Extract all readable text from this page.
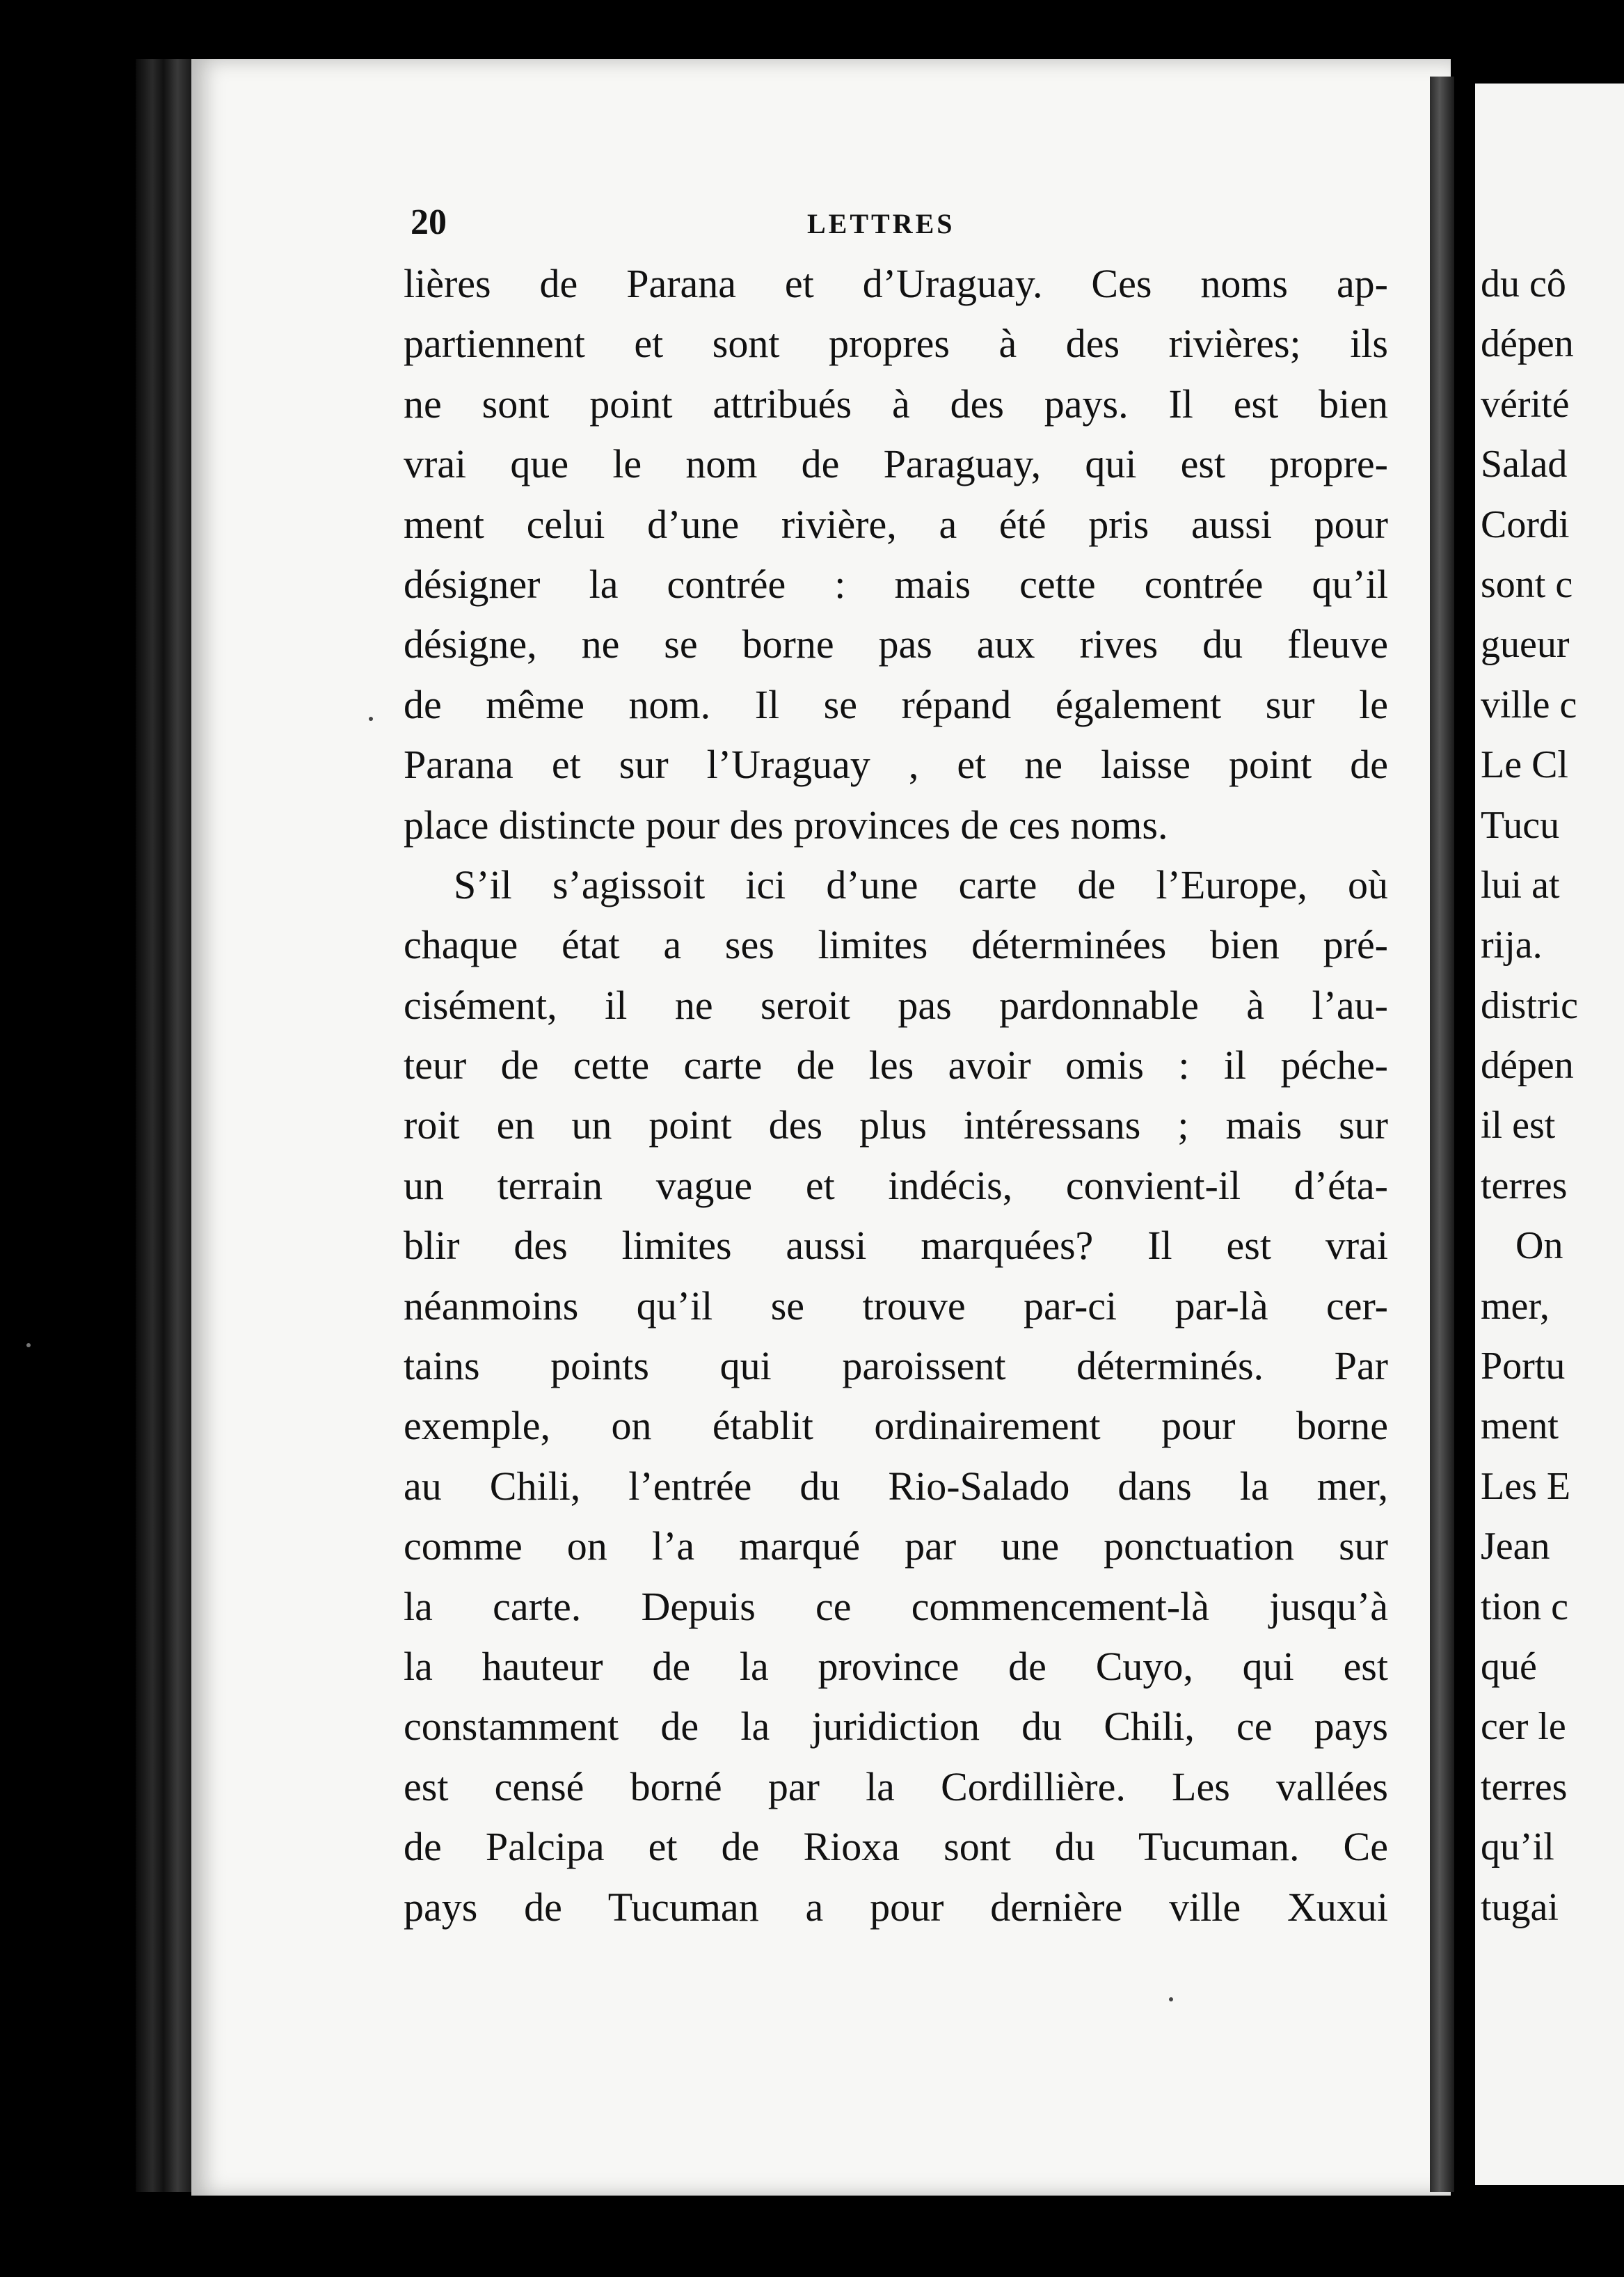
20	LETTRES
lières de Parana et d’Uraguay. Ces noms ap-
partiennent et sont propres à des rivières; ils
ne sont point attribués à des pays. Il est bien
vrai que le nom de Paraguay, qui est propre-
ment celui d’une rivière, a été pris aussi pour
désigner la contrée : mais cette contrée qu’il
désigne, ne se borne pas aux rives du fleuve
de même nom. Il se répand également sur le
Parana et sur l’Uraguay , et ne laisse point de
place distincte pour des provinces de ces noms.
S’il s’agissoit ici d’une carte de l’Europe, où
chaque état a ses limites déterminées bien pré-
cisément, il ne seroit pas pardonnable à l’au-
teur de cette carte de les avoir omis : il péche-
roit en un point des plus intéressans ; mais sur
un terrain vague et indécis, convient-il d’éta-
blir des limites aussi marquées? Il est vrai
néanmoins qu’il se trouve par-ci par-là cer-
tains points qui paroissent déterminés. Par
exemple, on établit ordinairement pour borne
au Chili, l’entrée du Rio-Salado dans la mer,
comme on l’a marqué par une ponctuation sur
la carte. Depuis ce commencement-là jusqu’à
la hauteur de la province de Cuyo, qui est
constamment de la juridiction du Chili, ce pays
est censé borné par la Cordillière. Les vallées
de Palcipa et de Rioxa sont du Tucuman. Ce
pays de Tucuman a pour dernière ville Xuxui
du cô
dépen
vérité
Salad
Cordi
sont c
gueur
ville c
Le Cl
Tucu
lui at
rija.
distric
dépen
il est
terres
On
mer,
Portu
ment
Les E
Jean
tion c
qué
cer le
terres
qu’il
tugai
